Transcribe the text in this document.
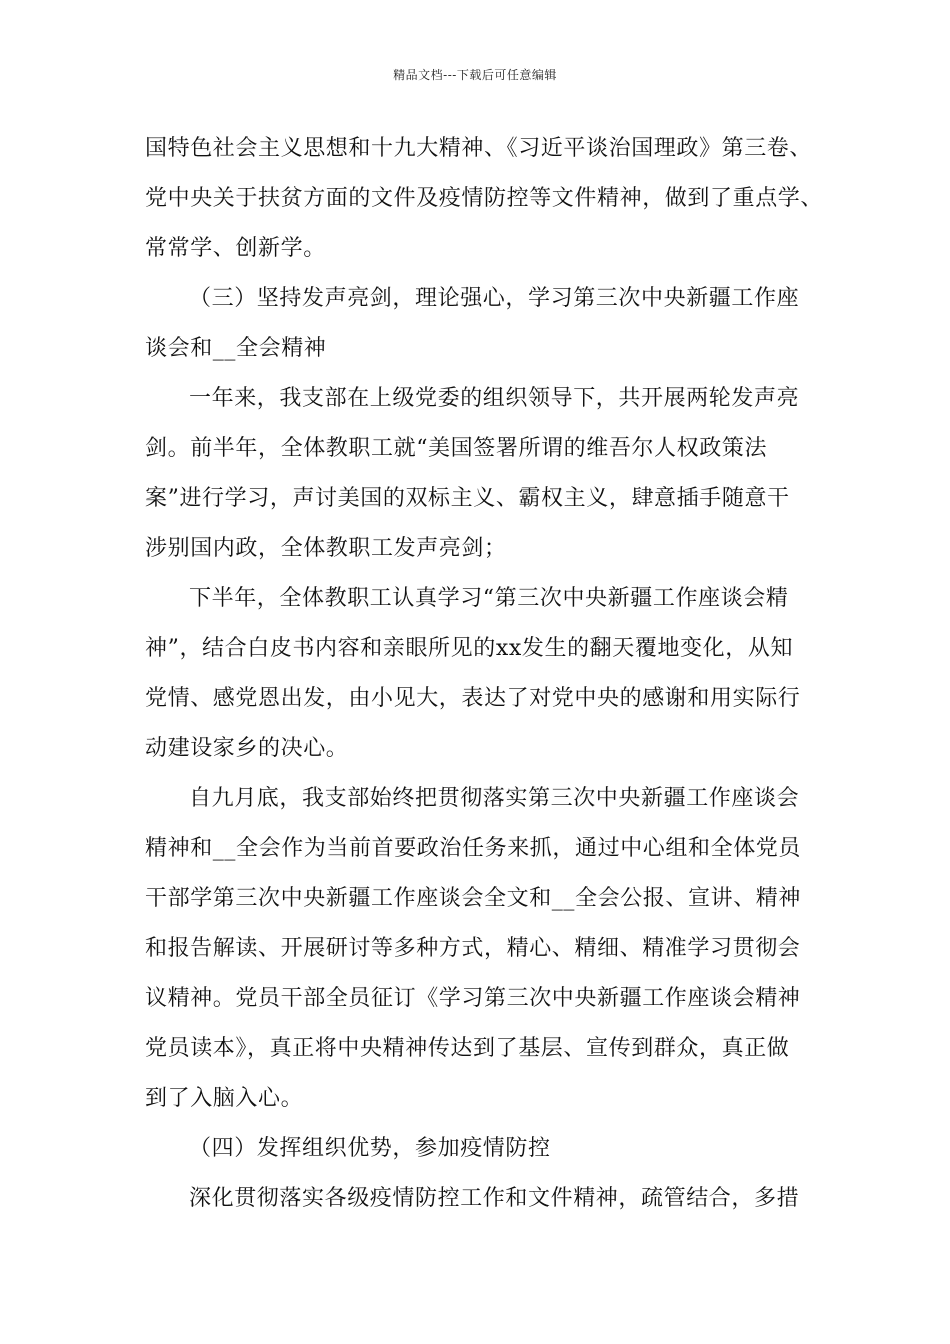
精品文档---下载后可任意编辑
国特色社会主义思想和十九大精神、《习近平谈治国理政》第三卷、
党中央关于扶贫方面的文件及疫情防控等文件精神，做到了重点学、
常常学、创新学。
（三）坚持发声亮剑，理论强心，学习第三次中央新疆工作座
谈会和__全会精神
一年来，我支部在上级党委的组织领导下，共开展两轮发声亮
剑。前半年，全体教职工就“美国签署所谓的维吾尔人权政策法
案”进行学习，声讨美国的双标主义、霸权主义，肆意插手随意干
涉别国内政，全体教职工发声亮剑；
下半年，全体教职工认真学习“第三次中央新疆工作座谈会精
神”，结合白皮书内容和亲眼所见的xx发生的翻天覆地变化，从知
党情、感党恩出发，由小见大，表达了对党中央的感谢和用实际行
动建设家乡的决心。
自九月底，我支部始终把贯彻落实第三次中央新疆工作座谈会
精神和__全会作为当前首要政治任务来抓，通过中心组和全体党员
干部学第三次中央新疆工作座谈会全文和__全会公报、宣讲、精神
和报告解读、开展研讨等多种方式，精心、精细、精准学习贯彻会
议精神。党员干部全员征订《学习第三次中央新疆工作座谈会精神
党员读本》，真正将中央精神传达到了基层、宣传到群众，真正做
到了入脑入心。
（四）发挥组织优势，参加疫情防控
深化贯彻落实各级疫情防控工作和文件精神，疏管结合，多措
